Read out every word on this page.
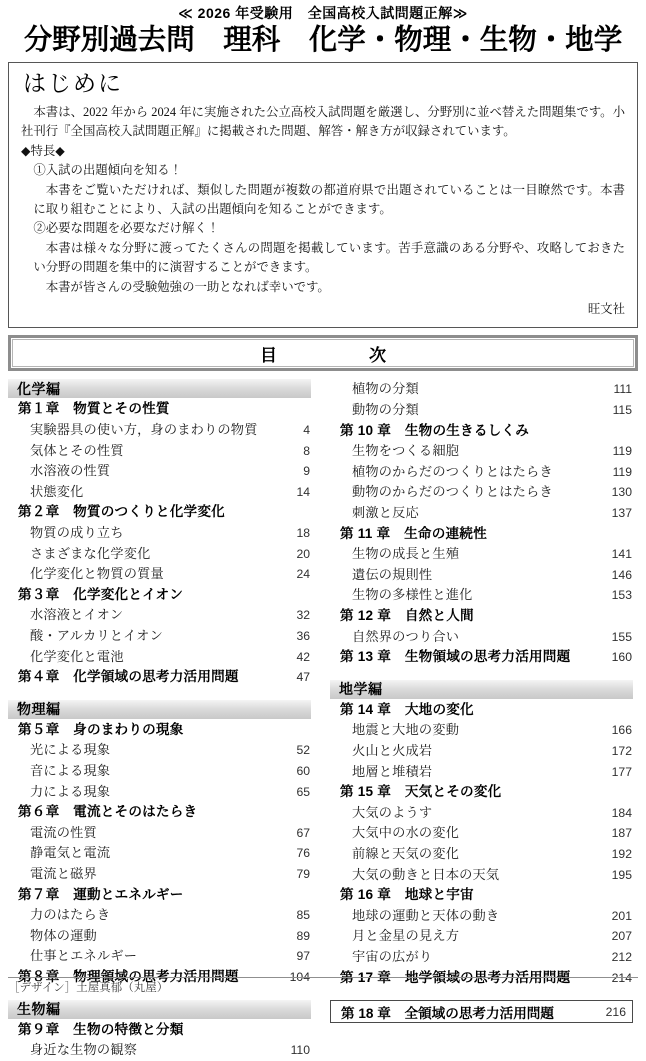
≪ 2026 年受験用　全国高校入試問題正解≫
分野別過去問　理科　化学・物理・生物・地学
はじめに

本書は、2022 年から 2024 年に実施された公立高校入試問題を厳選し、分野別に並べ替えた問題集です。小社刊行『全国高校入試問題正解』に掲載された問題、解答・解き方が収録されています。

◆特長◆

①入試の出題傾向を知る！

本書をご覧いただければ、類似した問題が複数の都道府県で出題されていることは一目瞭然です。本書に取り組むことにより、入試の出題傾向を知ることができます。

②必要な問題を必要なだけ解く！

本書は様々な分野に渡ってたくさんの問題を掲載しています。苦手意識のある分野や、攻略しておきたい分野の問題を集中的に演習することができます。

本書が皆さんの受験勉強の一助となれば幸いです。

旺文社
目	次
化学編
第１章　物質とその性質
実験器具の使い方，身のまわりの物質	4
気体とその性質	8
水溶液の性質	9
状態変化	14
第２章　物質のつくりと化学変化
物質の成り立ち	18
さまざまな化学変化	20
化学変化と物質の質量	24
第３章　化学変化とイオン
水溶液とイオン	32
酸・アルカリとイオン	36
化学変化と電池	42
第４章　化学領域の思考力活用問題	47
物理編
第５章　身のまわりの現象
光による現象	52
音による現象	60
力による現象	65
第６章　電流とそのはたらき
電流の性質	67
静電気と電流	76
電流と磁界	79
第７章　運動とエネルギー
力のはたらき	85
物体の運動	89
仕事とエネルギー	97
第８章　物理領域の思考力活用問題	104
生物編
第９章　生物の特徴と分類
身近な生物の観察	110
植物の分類	111
動物の分類	115
第 10 章　生物の生きるしくみ
生物をつくる細胞	119
植物のからだのつくりとはたらき	119
動物のからだのつくりとはたらき	130
刺激と反応	137
第 11 章　生命の連続性
生物の成長と生殖	141
遺伝の規則性	146
生物の多様性と進化	153
第 12 章　自然と人間
自然界のつり合い	155
第 13 章　生物領域の思考力活用問題	160
地学編
第 14 章　大地の変化
地震と大地の変動	166
火山と火成岩	172
地層と堆積岩	177
第 15 章　天気とその変化
大気のようす	184
大気中の水の変化	187
前線と天気の変化	192
大気の動きと日本の天気	195
第 16 章　地球と宇宙
地球の運動と天体の動き	201
月と金星の見え方	207
宇宙の広がり	212
第 17 章　地学領域の思考力活用問題	214
第 18 章　全領域の思考力活用問題	216
［デザイン］土屋真郁（丸屋）
